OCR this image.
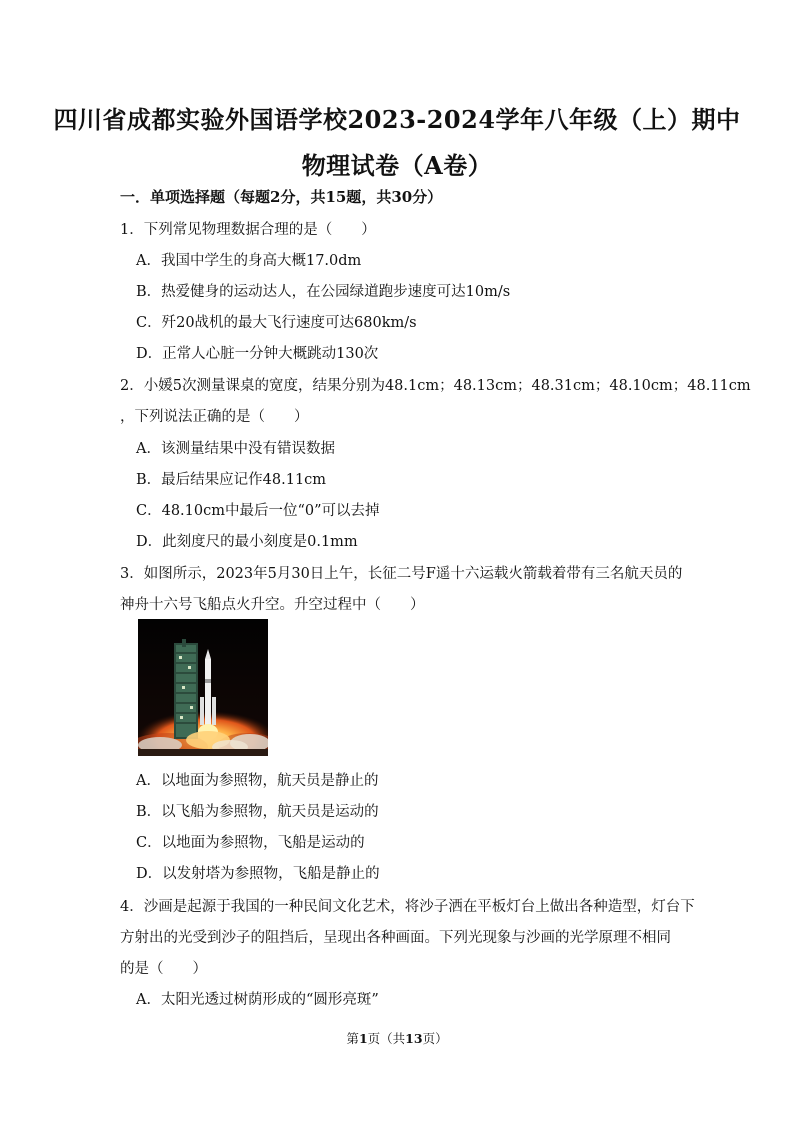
四川省成都实验外国语学校2023-2024学年八年级（上）期中
物理试卷（A卷）
一．单项选择题（每题2分，共15题，共30分）
1．下列常见物理数据合理的是（　　）
A．我国中学生的身高大概17.0dm
B．热爱健身的运动达人，在公园绿道跑步速度可达10m/s
C．歼20战机的最大飞行速度可达680km/s
D．正常人心脏一分钟大概跳动130次
2．小媛5次测量课桌的宽度，结果分别为48.1cm；48.13cm；48.31cm；48.10cm；48.11cm
，下列说法正确的是（　　）
A．该测量结果中没有错误数据
B．最后结果应记作48.11cm
C．48.10cm中最后一位“0”可以去掉
D．此刻度尺的最小刻度是0.1mm
3．如图所示，2023年5月30日上午，长征二号F遥十六运载火箭载着带有三名航天员的
神舟十六号飞船点火升空。升空过程中（　　）
A．以地面为参照物，航天员是静止的
B．以飞船为参照物，航天员是运动的
C．以地面为参照物，飞船是运动的
D．以发射塔为参照物，飞船是静止的
4．沙画是起源于我国的一种民间文化艺术，将沙子洒在平板灯台上做出各种造型，灯台下
方射出的光受到沙子的阻挡后，呈现出各种画面。下列光现象与沙画的光学原理不相同
的是（　　）
A．太阳光透过树荫形成的“圆形亮斑”
第1页（共13页）
